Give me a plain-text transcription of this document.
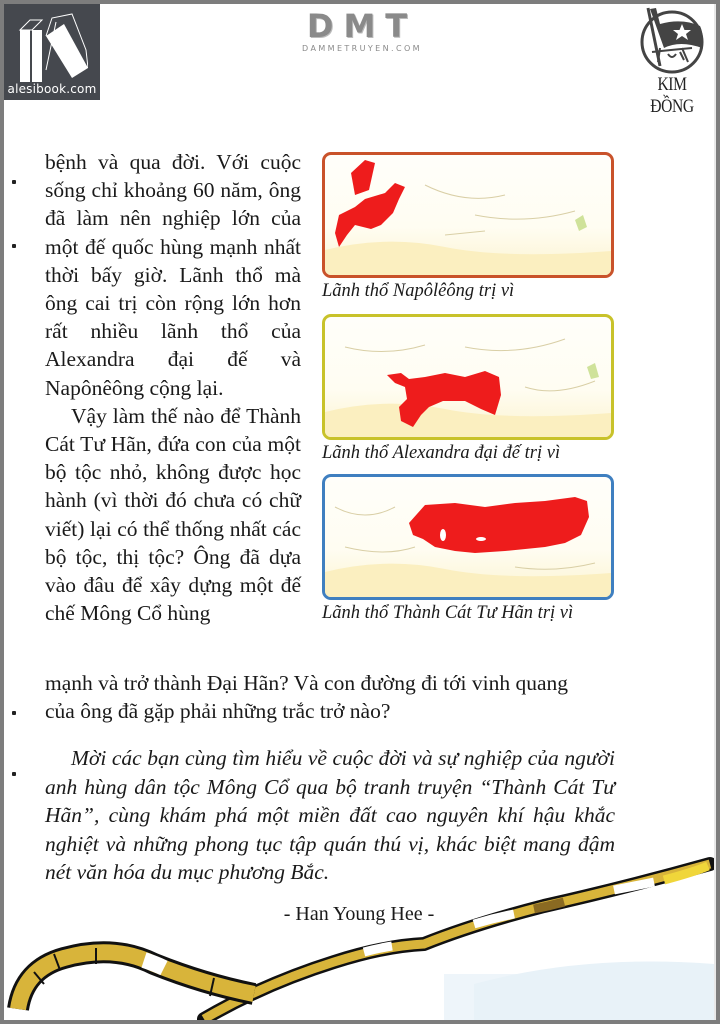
alesibook.com
DMT
DAMMETRUYEN.COM
KIM ĐỒNG

bệnh và qua đời. Với cuộc sống chỉ khoảng 60 năm, ông đã làm nên nghiệp lớn của một đế quốc hùng mạnh nhất thời bấy giờ. Lãnh thổ mà ông cai trị còn rộng lớn hơn rất nhiều lãnh thổ của Alexandra đại đế và Napônêông cộng lại.

Vậy làm thế nào để Thành Cát Tư Hãn, đứa con của một bộ tộc nhỏ, không được học hành (vì thời đó chưa có chữ viết) lại có thể thống nhất các bộ tộc, thị tộc? Ông đã dựa vào đâu để xây dựng một đế chế Mông Cổ hùng

mạnh và trở thành Đại Hãn? Và con đường đi tới vinh quang
của ông đã gặp phải những trắc trở nào?
Lãnh thổ Napôlêông trị vì
Lãnh thổ Alexandra đại đế trị vì
Lãnh thổ Thành Cát Tư Hãn trị vì

Mời các bạn cùng tìm hiểu về cuộc đời và sự nghiệp của người anh hùng dân tộc Mông Cổ qua bộ tranh truyện “Thành Cát Tư Hãn”, cùng khám phá một miền đất cao nguyên khí hậu khắc nghiệt và những phong tục tập quán thú vị, khác biệt mang đậm nét văn hóa du mục phương Bắc.

- Han Young Hee -
